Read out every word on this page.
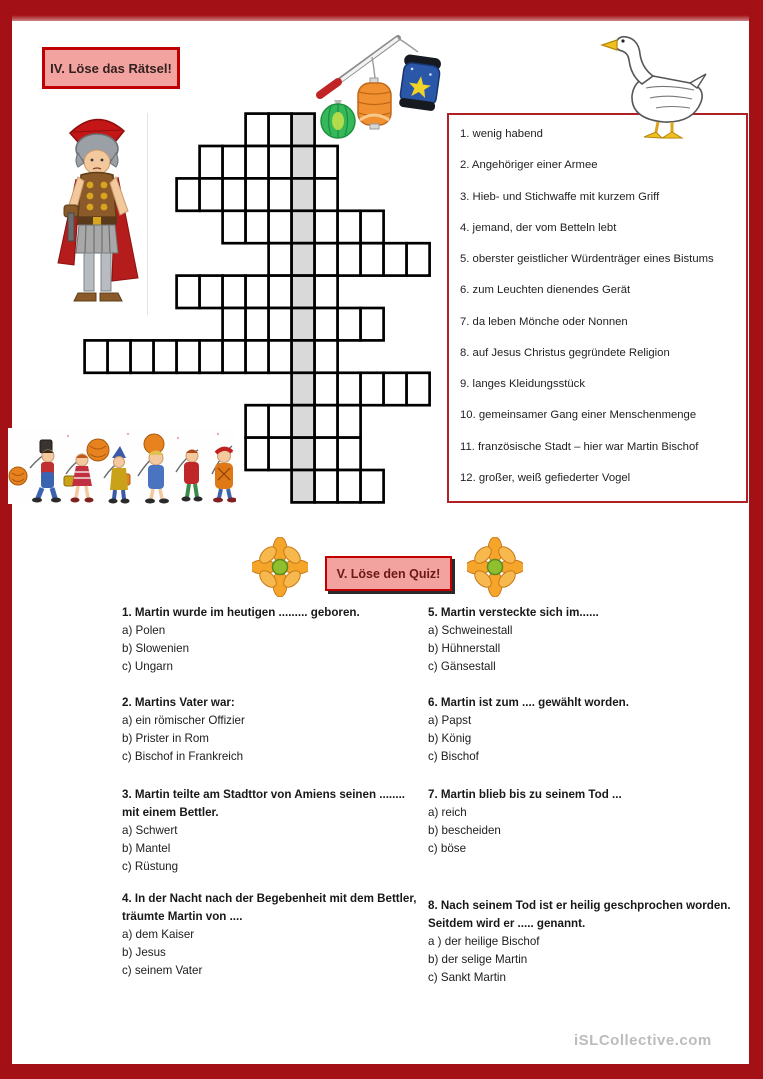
IV. Löse das Rätsel!
1. wenig habend
2. Angehöriger einer Armee
3. Hieb- und Stichwaffe mit kurzem Griff
4. jemand, der vom Betteln lebt
5. oberster geistlicher Würdenträger eines Bistums
6. zum Leuchten dienendes Gerät
7. da leben Mönche oder Nonnen
8. auf Jesus Christus gegründete Religion
9. langes Kleidungsstück
10. gemeinsamer Gang einer Menschenmenge
11. französische Stadt – hier war Martin Bischof
12. großer, weiß gefiederter Vogel
V. Löse den Quiz!
1. Martin wurde im heutigen ......... geboren.
a) Polen
b) Slowenien
c) Ungarn
2. Martins Vater war:
a) ein römischer Offizier
b) Prister in Rom
c) Bischof in Frankreich
3. Martin teilte am Stadttor von Amiens seinen ........ mit einem Bettler.
a) Schwert
b) Mantel
c) Rüstung
4. In der Nacht nach der Begebenheit mit dem Bettler, träumte Martin von ....
a) dem Kaiser
b) Jesus
c) seinem Vater
5. Martin versteckte sich im......
a) Schweinestall
b) Hühnerstall
c) Gänsestall
6. Martin ist zum .... gewählt worden.
a) Papst
b) König
c) Bischof
7. Martin blieb bis zu seinem Tod ...
a) reich
b) bescheiden
c) böse
8. Nach seinem Tod ist er heilig geschprochen worden. Seitdem wird er ..... genannt.
a ) der heilige Bischof
b) der selige Martin
c) Sankt Martin
iSLCollective.com
